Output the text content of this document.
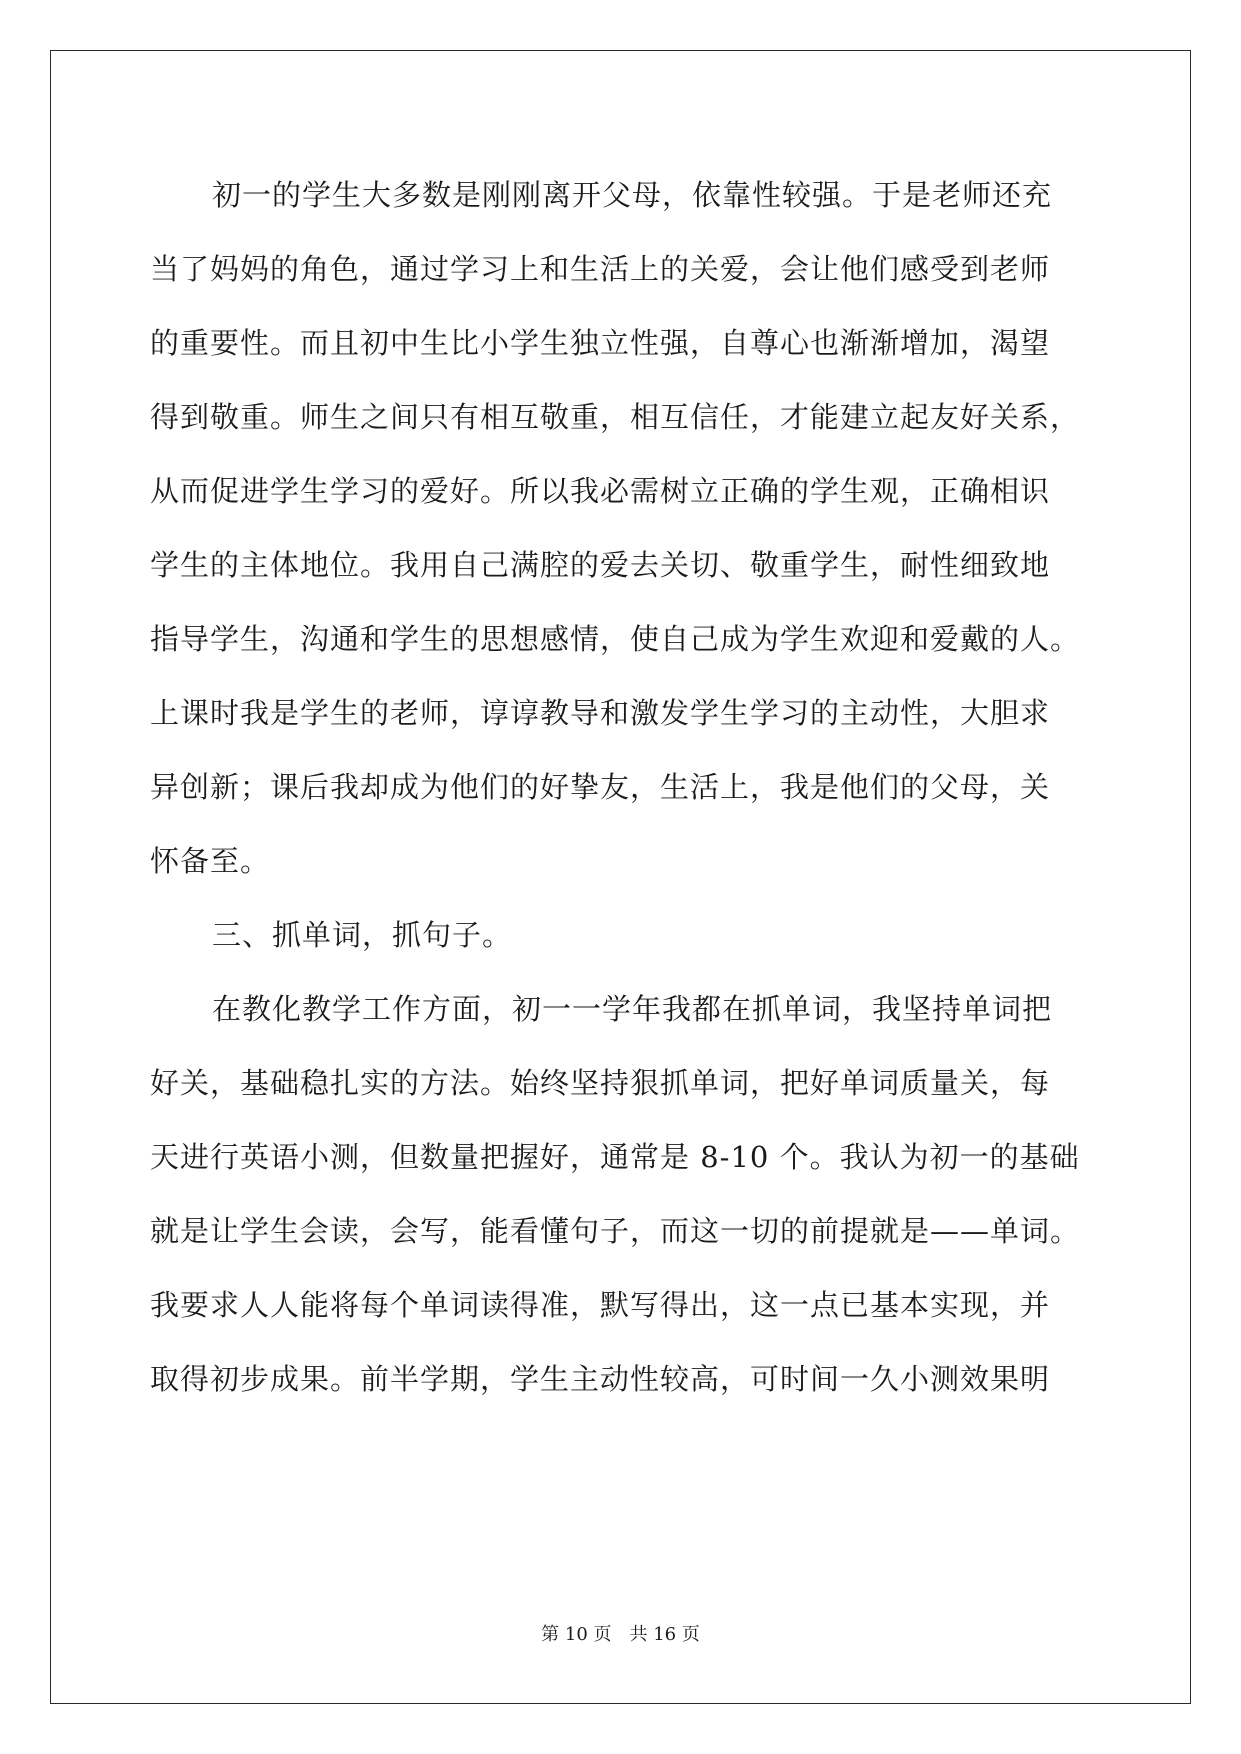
初一的学生大多数是刚刚离开父母，依靠性较强。于是老师还充
当了妈妈的角色，通过学习上和生活上的关爱，会让他们感受到老师
的重要性。而且初中生比小学生独立性强，自尊心也渐渐增加，渴望
得到敬重。师生之间只有相互敬重，相互信任，才能建立起友好关系，
从而促进学生学习的爱好。所以我必需树立正确的学生观，正确相识
学生的主体地位。我用自己满腔的爱去关切、敬重学生，耐性细致地
指导学生，沟通和学生的思想感情，使自己成为学生欢迎和爱戴的人。
上课时我是学生的老师，谆谆教导和激发学生学习的主动性，大胆求
异创新；课后我却成为他们的好挚友，生活上，我是他们的父母，关
怀备至。
三、抓单词，抓句子。
在教化教学工作方面，初一一学年我都在抓单词，我坚持单词把
好关，基础稳扎实的方法。始终坚持狠抓单词，把好单词质量关，每
天进行英语小测，但数量把握好，通常是 8-10 个。我认为初一的基础
就是让学生会读，会写，能看懂句子，而这一切的前提就是——单词。
我要求人人能将每个单词读得准，默写得出，这一点已基本实现，并
取得初步成果。前半学期，学生主动性较高，可时间一久小测效果明
第 10 页 共 16 页
